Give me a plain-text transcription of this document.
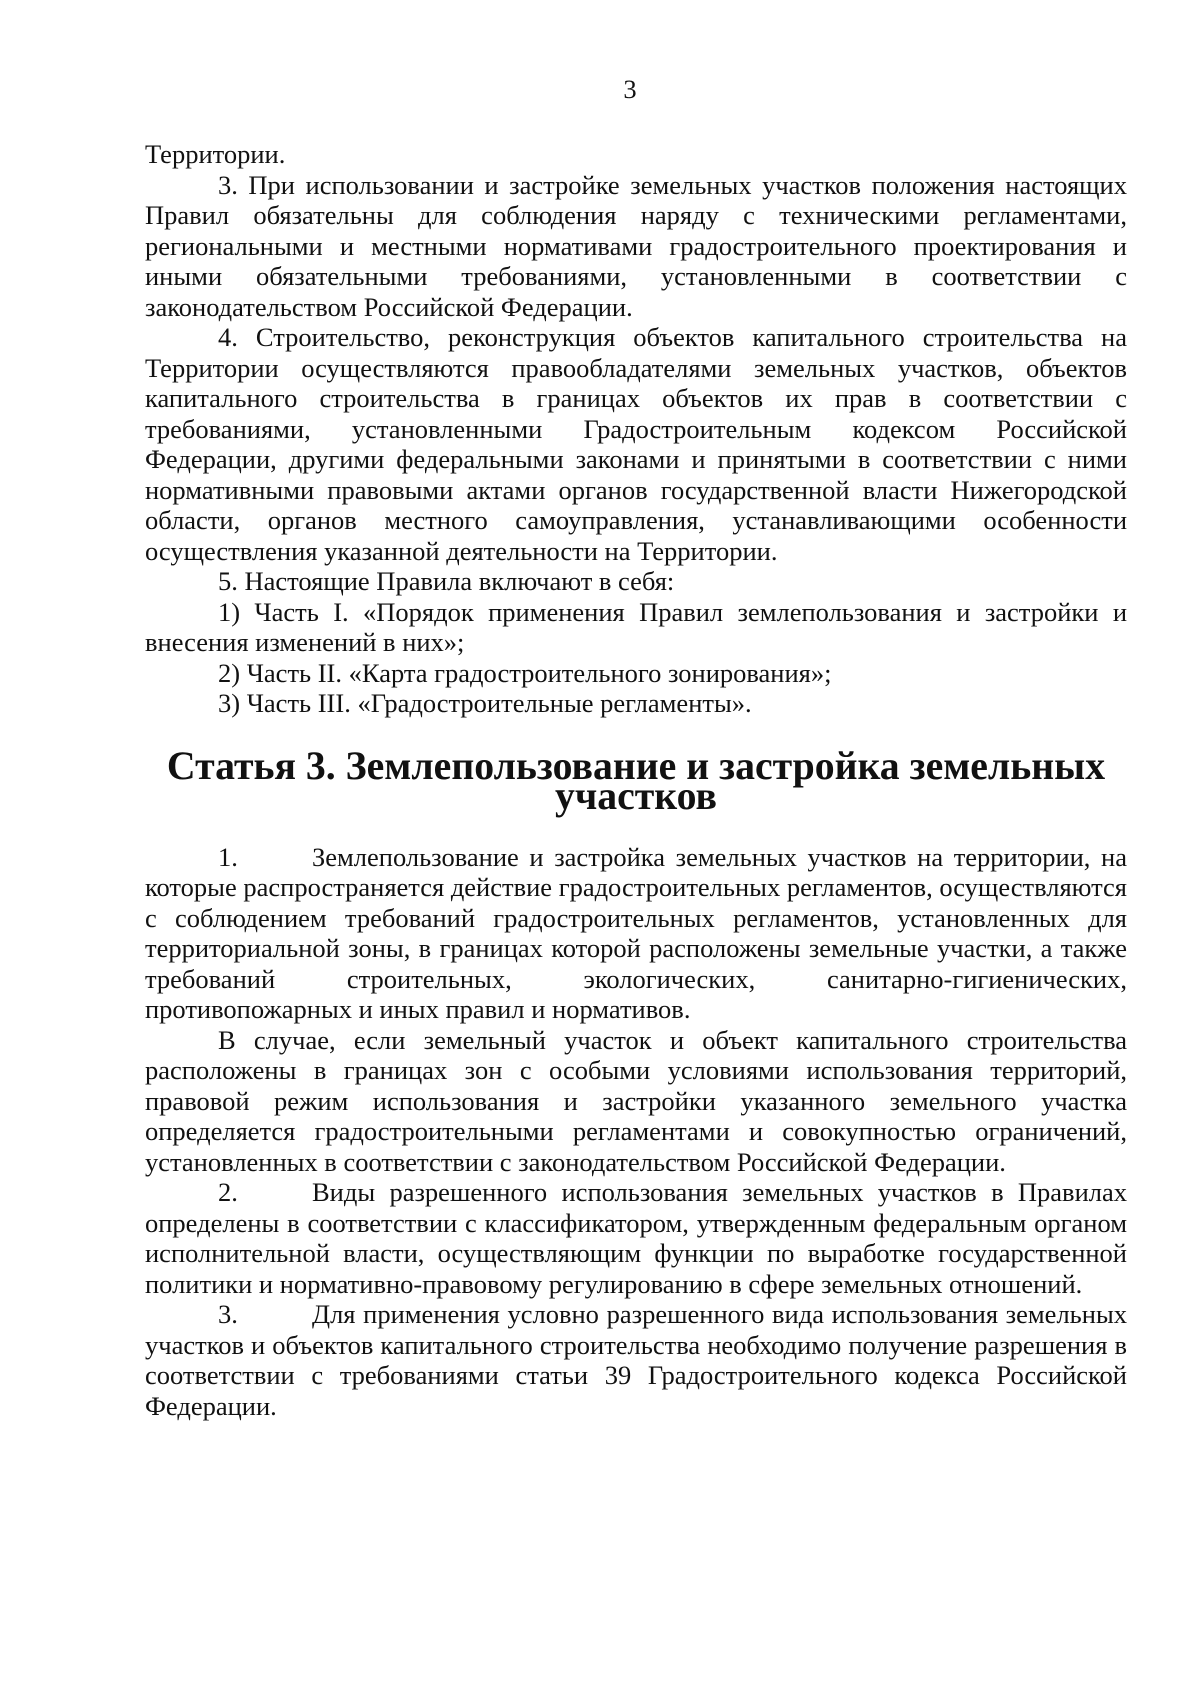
3

Территории.

3. При использовании и застройке земельных участков положения настоящих Правил обязательны для соблюдения наряду с техническими регламентами, региональными и местными нормативами градостроительного проектирования и иными обязательными требованиями, установленными в соответствии с законодательством Российской Федерации.

4. Строительство, реконструкция объектов капитального строительства на Территории осуществляются правообладателями земельных участков, объектов капитального строительства в границах объектов их прав в соответствии с требованиями, установленными Градостроительным кодексом Российской Федерации, другими федеральными законами и принятыми в соответствии с ними нормативными правовыми актами органов государственной власти Нижегородской области, органов местного самоуправления, устанавливающими особенности осуществления указанной деятельности на Территории.

5. Настоящие Правила включают в себя:

1) Часть I. «Порядок применения Правил землепользования и застройки и внесения изменений в них»;

2) Часть II. «Карта градостроительного зонирования»;

3) Часть III. «Градостроительные регламенты».

Статья 3. Землепользование и застройка земельных участков

1.	Землепользование и застройка земельных участков на территории, на которые распространяется действие градостроительных регламентов, осуществляются с соблюдением требований градостроительных регламентов, установленных для территориальной зоны, в границах которой расположены земельные участки, а также требований строительных, экологических, санитарно-гигиенических, противопожарных и иных правил и нормативов.

В случае, если земельный участок и объект капитального строительства расположены в границах зон с особыми условиями использования территорий, правовой режим использования и застройки указанного земельного участка определяется градостроительными регламентами и совокупностью ограничений, установленных в соответствии с законодательством Российской Федерации.

2.	Виды разрешенного использования земельных участков в Правилах определены в соответствии с классификатором, утвержденным федеральным органом исполнительной власти, осуществляющим функции по выработке государственной политики и нормативно-правовому регулированию в сфере земельных отношений.

3.	Для применения условно разрешенного вида использования земельных участков и объектов капитального строительства необходимо получение разрешения в соответствии с требованиями статьи 39 Градостроительного кодекса Российской Федерации.
